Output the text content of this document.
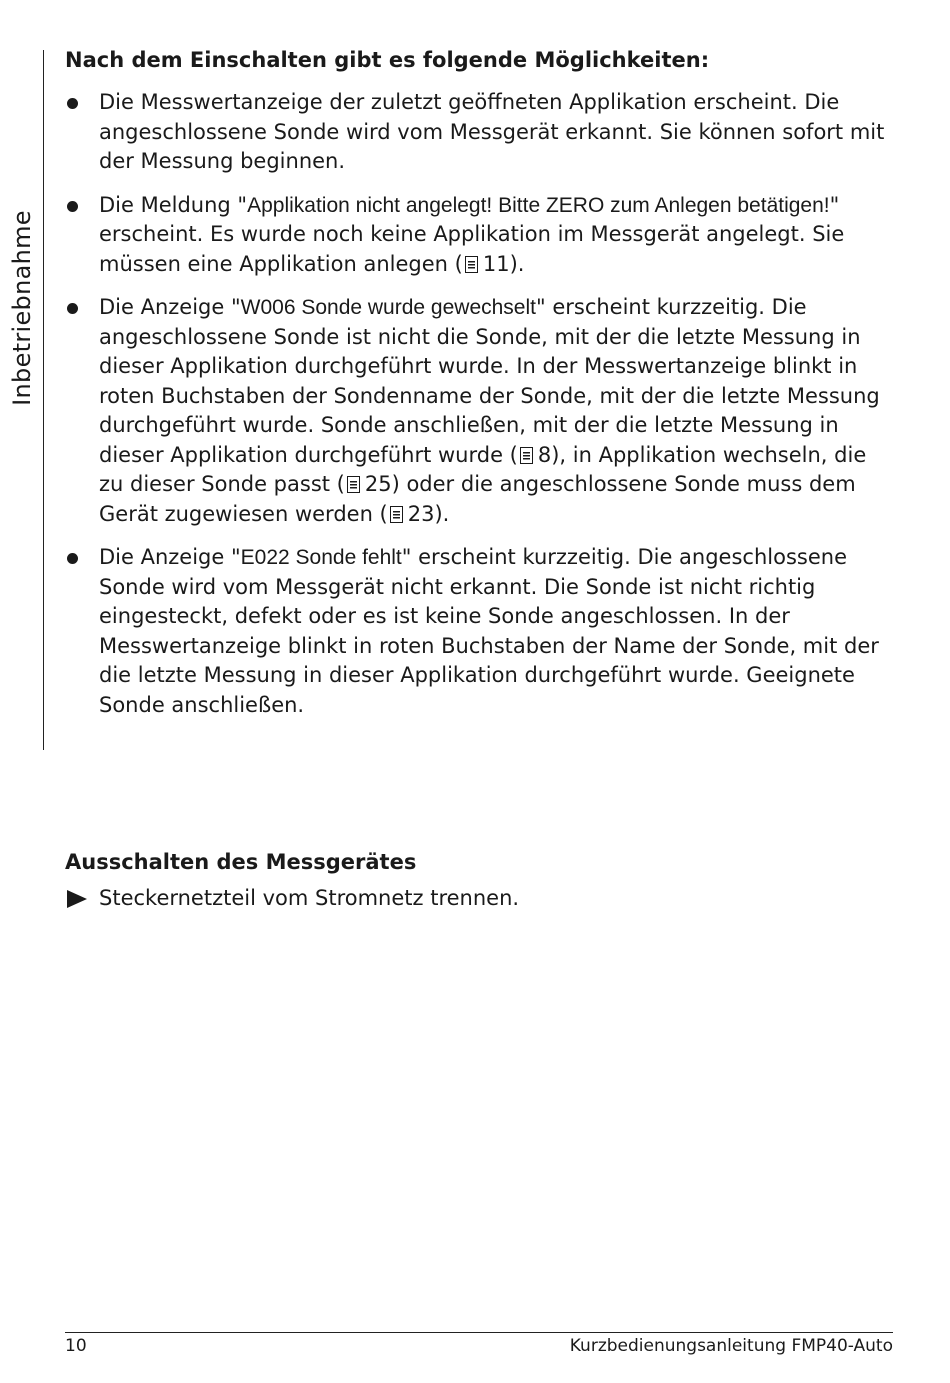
Inbetriebnahme
Nach dem Einschalten gibt es folgende Möglichkeiten:
Die Messwertanzeige der zuletzt geöffneten Applikation erscheint. Die angeschlossene Sonde wird vom Messgerät erkannt. Sie können sofort mit der Messung beginnen.
Die Meldung "Applikation nicht angelegt! Bitte ZERO zum Anlegen betätigen!" erscheint. Es wurde noch keine Applikation im Messgerät angelegt. Sie müssen eine Applikation anlegen ( 11).
Die Anzeige "W006 Sonde wurde gewechselt" erscheint kurzzeitig. Die angeschlossene Sonde ist nicht die Sonde, mit der die letzte Messung in dieser Applikation durchgeführt wurde. In der Messwertanzeige blinkt in roten Buchstaben der Sondenname der Sonde, mit der die letzte Messung durchgeführt wurde. Sonde anschließen, mit der die letzte Messung in dieser Applikation durchgeführt wurde ( 8), in Applikation wechseln, die zu dieser Sonde passt ( 25) oder die angeschlossene Sonde muss dem Gerät zugewiesen werden ( 23).
Die Anzeige "E022 Sonde fehlt" erscheint kurzzeitig. Die angeschlossene Sonde wird vom Messgerät nicht erkannt. Die Sonde ist nicht richtig eingesteckt, defekt oder es ist keine Sonde angeschlossen. In der Messwertanzeige blinkt in roten Buchstaben der Name der Sonde, mit der die letzte Messung in dieser Applikation durchgeführt wurde. Geeignete Sonde anschließen.
Ausschalten des Messgerätes
Steckernetzteil vom Stromnetz trennen.
10	Kurzbedienungsanleitung FMP40-Auto
